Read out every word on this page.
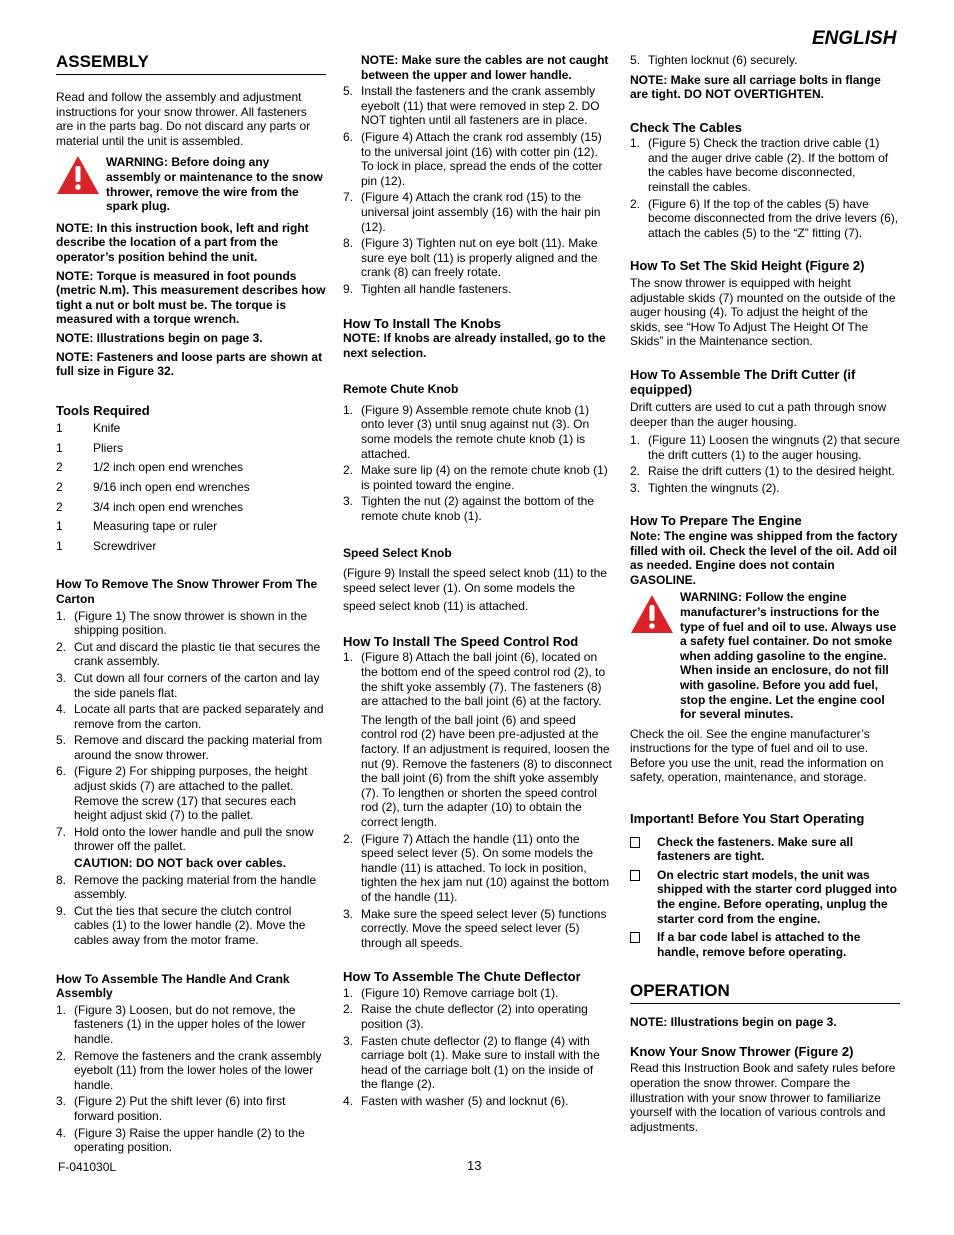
ENGLISH
ASSEMBLY

Read and follow the assembly and adjustment instructions for your snow thrower. All fasteners are in the parts bag. Do not discard any parts or material until the unit is assembled.

WARNING: Before doing any assembly or maintenance to the snow thrower, remove the wire from the spark plug.

NOTE: In this instruction book, left and right describe the location of a part from the operator’s position behind the unit.

NOTE: Torque is measured in foot pounds (metric N.m). This measurement describes how tight a nut or bolt must be. The torque is measured with a torque wrench.

NOTE: Illustrations begin on page 3.

NOTE: Fasteners and loose parts are shown at full size in Figure 32.

Tools Required
1	Knife
1	Pliers
2	1/2 inch open end wrenches
2	9/16 inch open end wrenches
2	3/4 inch open end wrenches
1	Measuring tape or ruler
1	Screwdriver
How To Remove The Snow Thrower From The Carton
1. (Figure 1) The snow thrower is shown in the shipping position.
2. Cut and discard the plastic tie that secures the crank assembly.
3. Cut down all four corners of the carton and lay the side panels flat.
4. Locate all parts that are packed separately and remove from the carton.
5. Remove and discard the packing material from around the snow thrower.
6. (Figure 2) For shipping purposes, the height adjust skids (7) are attached to the pallet. Remove the screw (17) that secures each height adjust skid (7) to the pallet.
7. Hold onto the lower handle and pull the snow thrower off the pallet.
CAUTION: DO NOT back over cables.
8. Remove the packing material from the handle assembly.
9. Cut the ties that secure the clutch control cables (1) to the lower handle (2). Move the cables away from the motor frame.
How To Assemble The Handle And Crank Assembly
1. (Figure 3) Loosen, but do not remove, the fasteners (1) in the upper holes of the lower handle.
2. Remove the fasteners and the crank assembly eyebolt (11) from the lower holes of the lower handle.
3. (Figure 2) Put the shift lever (6) into first forward position.
4. (Figure 3) Raise the upper handle (2) to the operating position.

NOTE: Make sure the cables are not caught between the upper and lower handle.

5. Install the fasteners and the crank assembly eyebolt (11) that were removed in step 2. DO NOT tighten until all fasteners are in place.
6. (Figure 4) Attach the crank rod assembly (15) to the universal joint (16) with cotter pin (12). To lock in place, spread the ends of the cotter pin (12).
7. (Figure 4) Attach the crank rod (15) to the universal joint assembly (16) with the hair pin (12).
8. (Figure 3) Tighten nut on eye bolt (11). Make sure eye bolt (11) is properly aligned and the crank (8) can freely rotate.
9. Tighten all handle fasteners.
How To Install The Knobs

NOTE: If knobs are already installed, go to the next selection.

Remote Chute Knob
1. (Figure 9) Assemble remote chute knob (1) onto lever (3) until snug against nut (3). On some models the remote chute knob (1) is attached.
2. Make sure lip (4) on the remote chute knob (1) is pointed toward the engine.
3. Tighten the nut (2) against the bottom of the remote chute knob (1).
Speed Select Knob

(Figure 9) Install the speed select knob (11) to the speed select lever (1). On some models the

speed select knob (11) is attached.

How To Install The Speed Control Rod
1. (Figure 8) Attach the ball joint (6), located on the bottom end of the speed control rod (2), to the shift yoke assembly (7). The fasteners (8) are attached to the ball joint (6) at the factory.
The length of the ball joint (6) and speed control rod (2) have been pre-adjusted at the factory. If an adjustment is required, loosen the nut (9). Remove the fasteners (8) to disconnect the ball joint (6) from the shift yoke assembly (7). To lengthen or shorten the speed control rod (2), turn the adapter (10) to obtain the correct length.
2. (Figure 7) Attach the handle (11) onto the speed select lever (5). On some models the handle (11) is attached. To lock in position, tighten the hex jam nut (10) against the bottom of the handle (11).
3. Make sure the speed select lever (5) functions correctly. Move the speed select lever (5) through all speeds.
How To Assemble The Chute Deflector
1. (Figure 10) Remove carriage bolt (1).
2. Raise the chute deflector (2) into operating position (3).
3. Fasten chute deflector (2) to flange (4) with carriage bolt (1). Make sure to install with the head of the carriage bolt (1) on the inside of the flange (2).
4. Fasten with washer (5) and locknut (6).
5. Tighten locknut (6) securely.

NOTE: Make sure all carriage bolts in flange are tight. DO NOT OVERTIGHTEN.

Check The Cables
1. (Figure 5) Check the traction drive cable (1) and the auger drive cable (2). If the bottom of the cables have become disconnected, reinstall the cables.
2. (Figure 6) If the top of the cables (5) have become disconnected from the drive levers (6), attach the cables (5) to the “Z” fitting (7).
How To Set The Skid Height (Figure 2)

The snow thrower is equipped with height adjustable skids (7) mounted on the outside of the auger housing (4). To adjust the height of the skids, see “How To Adjust The Height Of The Skids” in the Maintenance section.

How To Assemble The Drift Cutter (if equipped)

Drift cutters are used to cut a path through snow deeper than the auger housing.

1. (Figure 11) Loosen the wingnuts (2) that secure the drift cutters (1) to the auger housing.
2. Raise the drift cutters (1) to the desired height.
3. Tighten the wingnuts (2).
How To Prepare The Engine

Note: The engine was shipped from the factory filled with oil. Check the level of the oil. Add oil as needed. Engine does not contain GASOLINE.

WARNING: Follow the engine manufacturer’s instructions for the type of fuel and oil to use. Always use a safety fuel container. Do not smoke when adding gasoline to the engine. When inside an enclosure, do not fill with gasoline. Before you add fuel, stop the engine. Let the engine cool for several minutes.

Check the oil. See the engine manufacturer’s instructions for the type of fuel and oil to use. Before you use the unit, read the information on safety, operation, maintenance, and storage.

Important! Before You Start Operating
Check the fasteners. Make sure all fasteners are tight.
On electric start models, the unit was shipped with the starter cord plugged into the engine. Before operating, unplug the starter cord from the engine.
If a bar code label is attached to the handle, remove before operating.
OPERATION

NOTE: Illustrations begin on page 3.

Know Your Snow Thrower (Figure 2)

Read this Instruction Book and safety rules before operation the snow thrower. Compare the illustration with your snow thrower to familiarize yourself with the location of various controls and adjustments.

F-041030L	13
